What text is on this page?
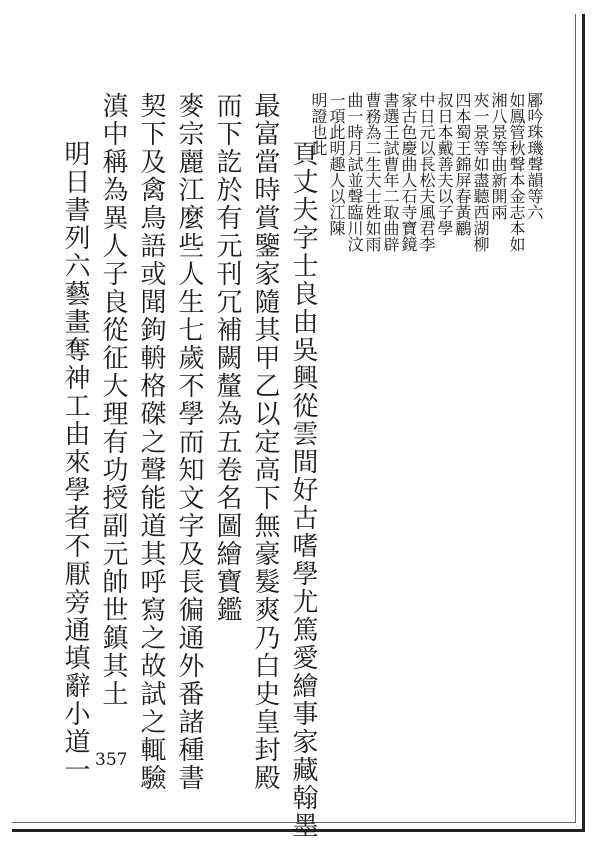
䣝吟珠璣聲韻等六
如鳳管秋聲本金志本如
湘八景等曲新開兩
夾一景等如盡聽西湖柳
四本蜀王錦屏春黃鸝
叔日本戴善夫以子學
中日元以長松夫風君李
家古色慶曲人石寺寶鏡
書選王試曹年二取曲辟
曹務為二生大士姓如雨
曲一時月試並聲臨川汶
一項此明趣人以江陳
明證也此
頁丈夫字士良由吳興從雲間好古嗜學尤篤愛繪事家藏翰墨
最富當時賞鑒家隨其甲乙以定高下無豪髮爽乃白史皇封殿
而下訖於有元刊冗補闕釐為五卷名圖繪寶鑑
麥宗麗江麼些人生七歲不學而知文字及長徧通外番諸種書
契下及禽鳥語或聞鉤輈格磔之聲能道其呼寫之故試之輒驗
滇中稱為異人子良從征大理有功授副元帥世鎮其土
明日書列六藝畫奪神工由來學者不厭旁通填辭小道一 357
